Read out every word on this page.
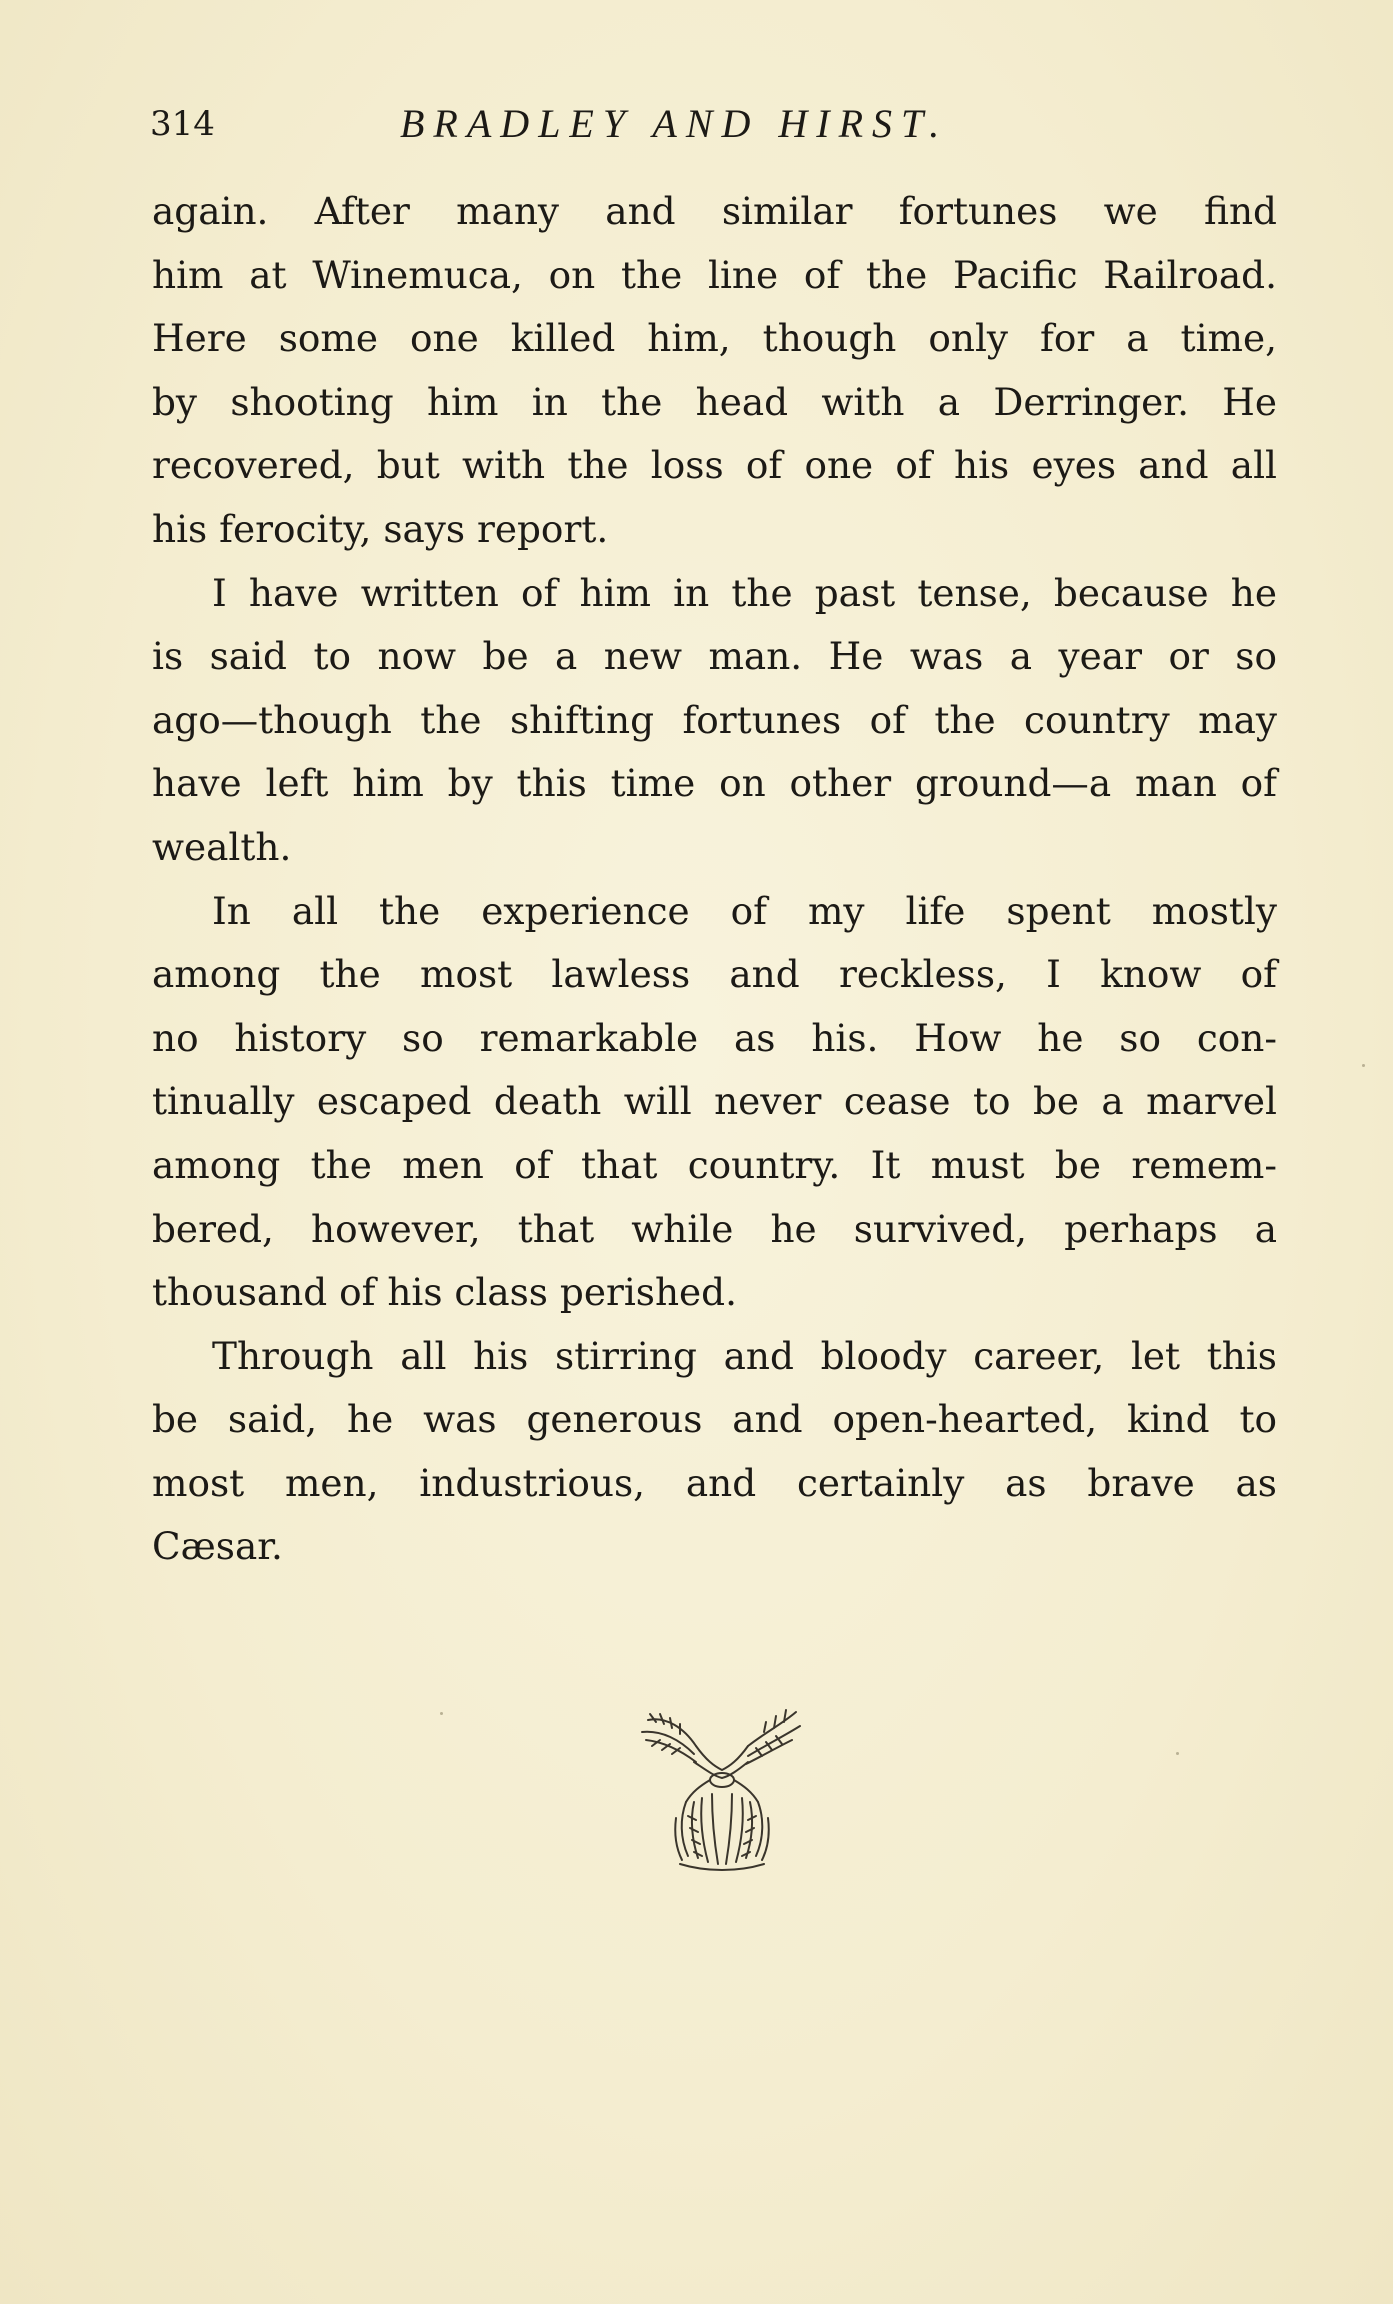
314	BRADLEY AND HIRST.

again. After many and similar fortunes we find
him at Winemuca, on the line of the Pacific Railroad.
Here some one killed him, though only for a time,
by shooting him in the head with a Derringer. He
recovered, but with the loss of one of his eyes and all
his ferocity, says report.

I have written of him in the past tense, because he
is said to now be a new man. He was a year or so
ago—though the shifting fortunes of the country may
have left him by this time on other ground—a man of
wealth.

In all the experience of my life spent mostly
among the most lawless and reckless, I know of
no history so remarkable as his. How he so con-
tinually escaped death will never cease to be a marvel
among the men of that country. It must be remem-
bered, however, that while he survived, perhaps a
thousand of his class perished.

Through all his stirring and bloody career, let this
be said, he was generous and open-hearted, kind to
most men, industrious, and certainly as brave as
Cæsar.
